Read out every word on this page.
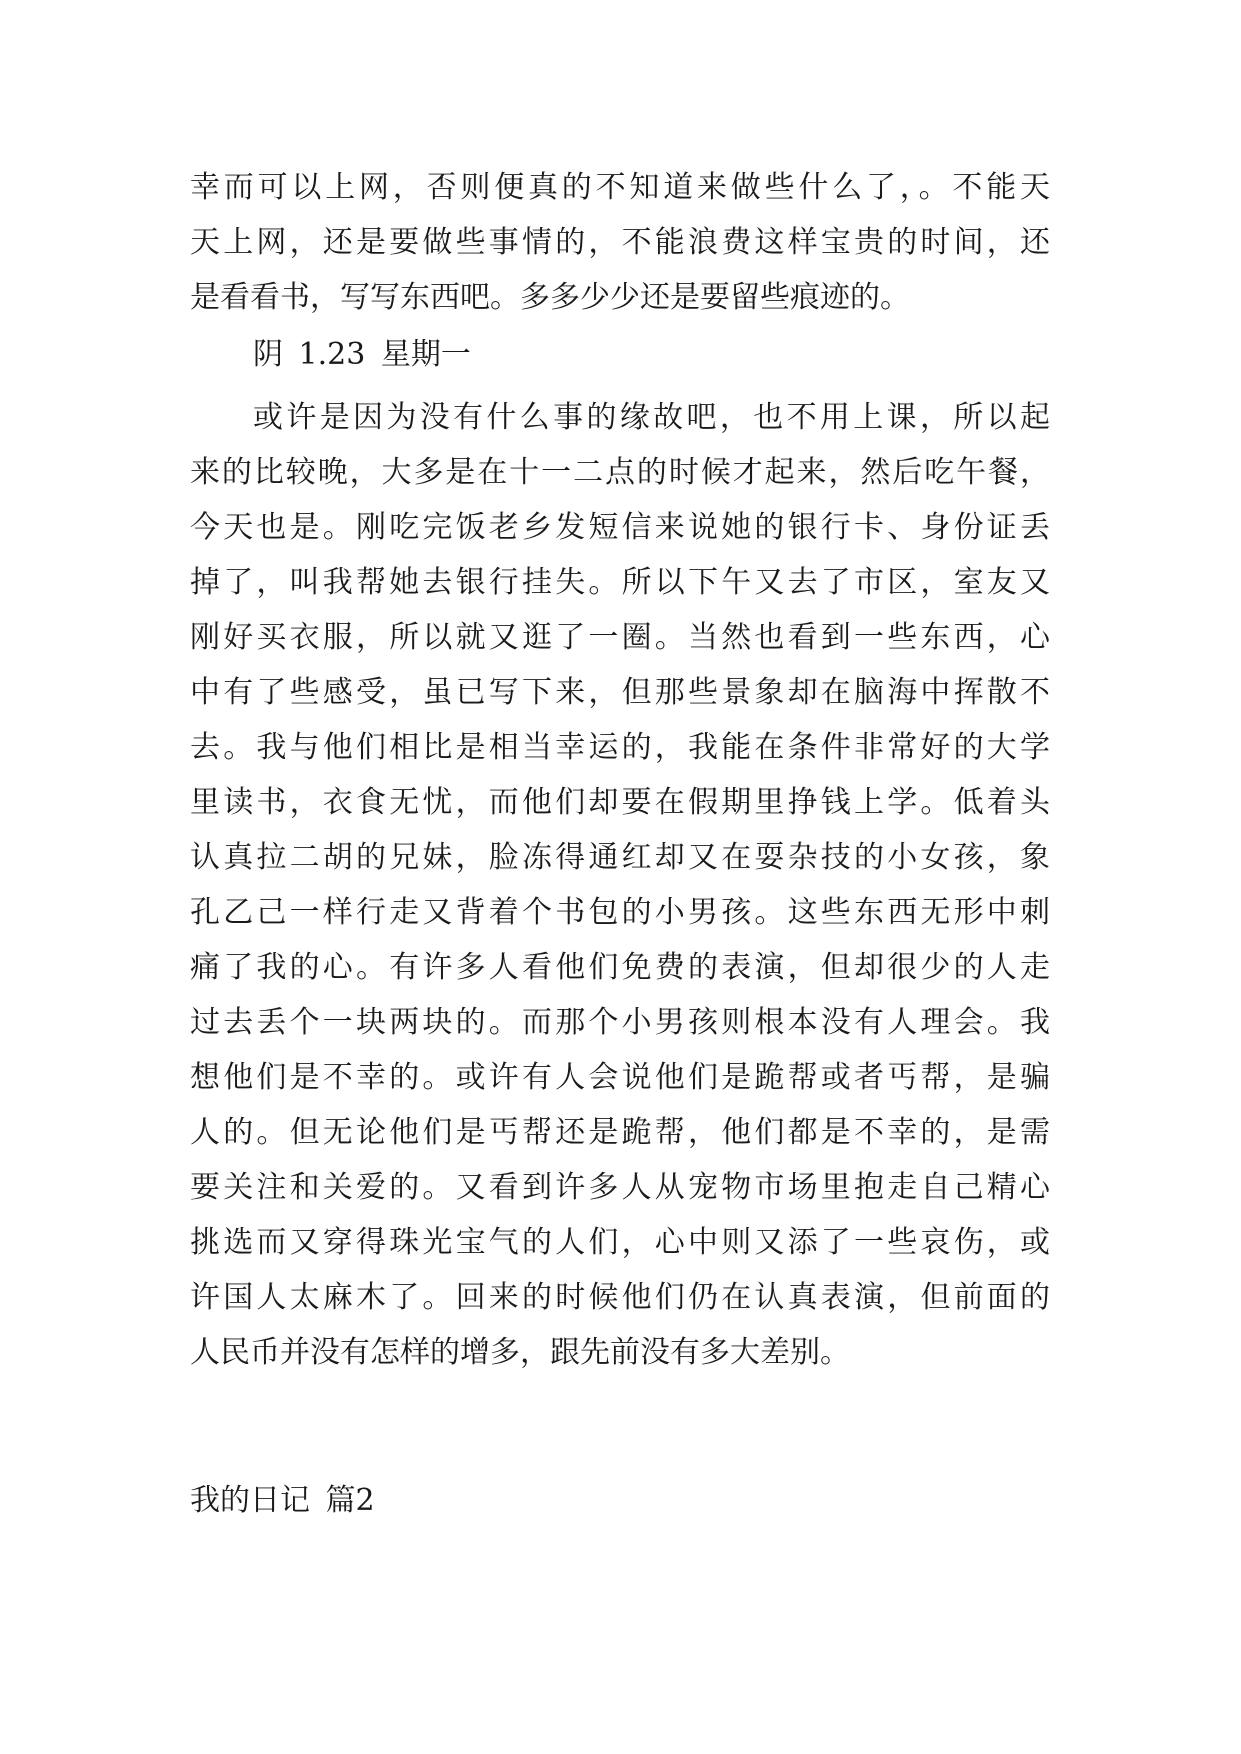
幸而可以上网，否则便真的不知道来做些什么了，。不能天
天上网，还是要做些事情的，不能浪费这样宝贵的时间，还
是看看书，写写东西吧。多多少少还是要留些痕迹的。
阴 1.23 星期一
或许是因为没有什么事的缘故吧，也不用上课，所以起
来的比较晚，大多是在十一二点的时候才起来，然后吃午餐，
今天也是。刚吃完饭老乡发短信来说她的银行卡、身份证丢
掉了，叫我帮她去银行挂失。所以下午又去了市区，室友又
刚好买衣服，所以就又逛了一圈。当然也看到一些东西，心
中有了些感受，虽已写下来，但那些景象却在脑海中挥散不
去。我与他们相比是相当幸运的，我能在条件非常好的大学
里读书，衣食无忧，而他们却要在假期里挣钱上学。低着头
认真拉二胡的兄妹，脸冻得通红却又在耍杂技的小女孩，象
孔乙己一样行走又背着个书包的小男孩。这些东西无形中刺
痛了我的心。有许多人看他们免费的表演，但却很少的人走
过去丢个一块两块的。而那个小男孩则根本没有人理会。我
想他们是不幸的。或许有人会说他们是跪帮或者丐帮，是骗
人的。但无论他们是丐帮还是跪帮，他们都是不幸的，是需
要关注和关爱的。又看到许多人从宠物市场里抱走自己精心
挑选而又穿得珠光宝气的人们，心中则又添了一些哀伤，或
许国人太麻木了。回来的时候他们仍在认真表演，但前面的
人民币并没有怎样的增多，跟先前没有多大差别。
我的日记 篇2
